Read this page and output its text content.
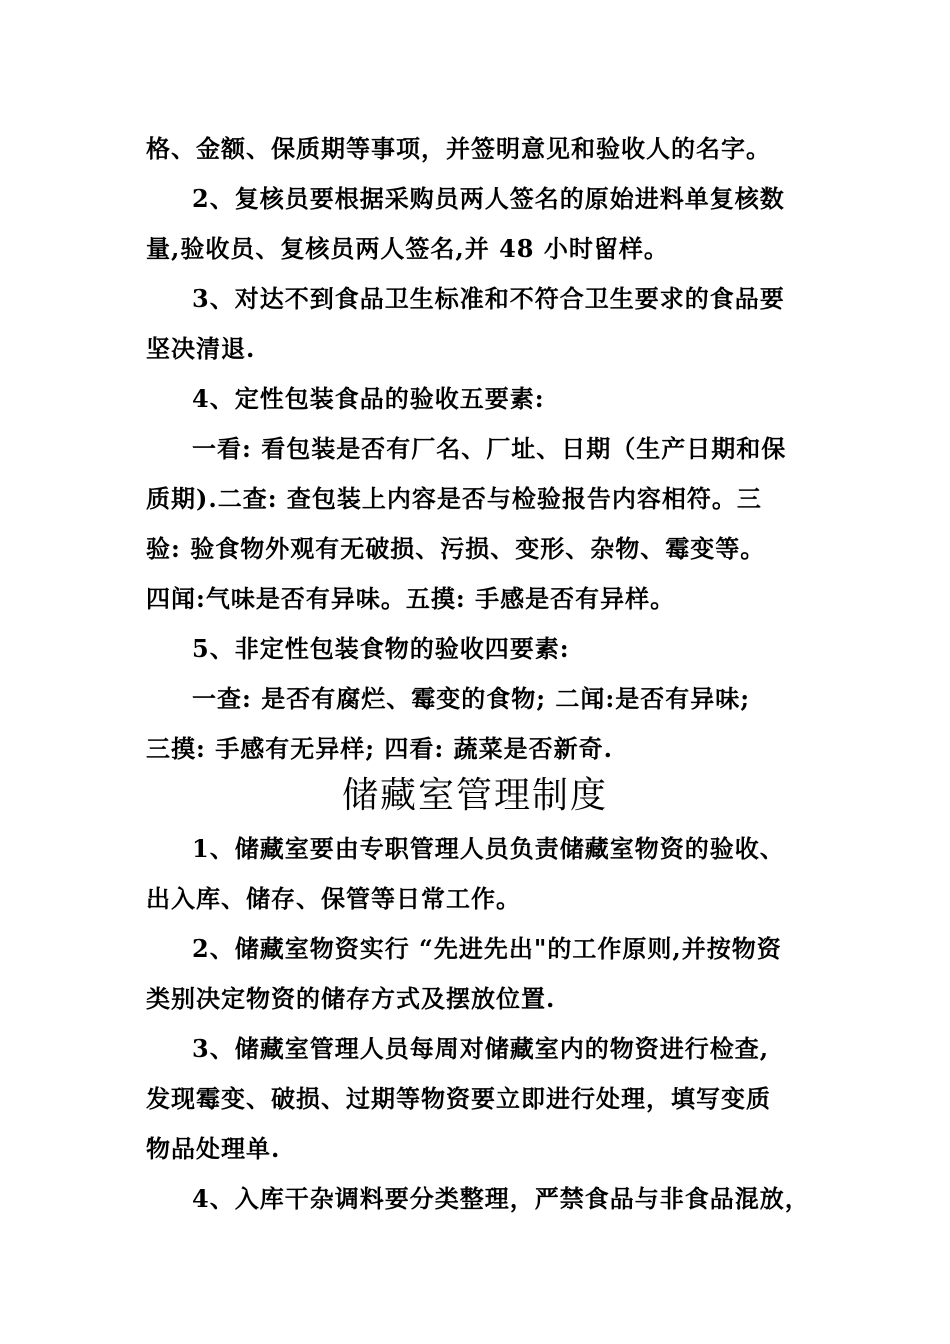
格、金额、保质期等事项，并签明意见和验收人的名字。
2、复核员要根据采购员两人签名的原始进料单复核数
量,验收员、复核员两人签名,并 48 小时留样。
3、对达不到食品卫生标准和不符合卫生要求的食品要
坚决清退.
4、定性包装食品的验收五要素:
一看: 看包装是否有厂名、厂址、日期（生产日期和保
质期).二查: 查包装上内容是否与检验报告内容相符。三
验: 验食物外观有无破损、污损、变形、杂物、霉变等。
四闻:气味是否有异味。五摸: 手感是否有异样。
5、非定性包装食物的验收四要素:
一查: 是否有腐烂、霉变的食物; 二闻:是否有异味;
三摸: 手感有无异样; 四看: 蔬菜是否新奇.
储藏室管理制度
1、储藏室要由专职管理人员负责储藏室物资的验收、
出入库、储存、保管等日常工作。
2、储藏室物资实行 “先进先出"的工作原则,并按物资
类别决定物资的储存方式及摆放位置.
3、储藏室管理人员每周对储藏室内的物资进行检查,
发现霉变、破损、过期等物资要立即进行处理，填写变质
物品处理单.
4、入库干杂调料要分类整理，严禁食品与非食品混放，
